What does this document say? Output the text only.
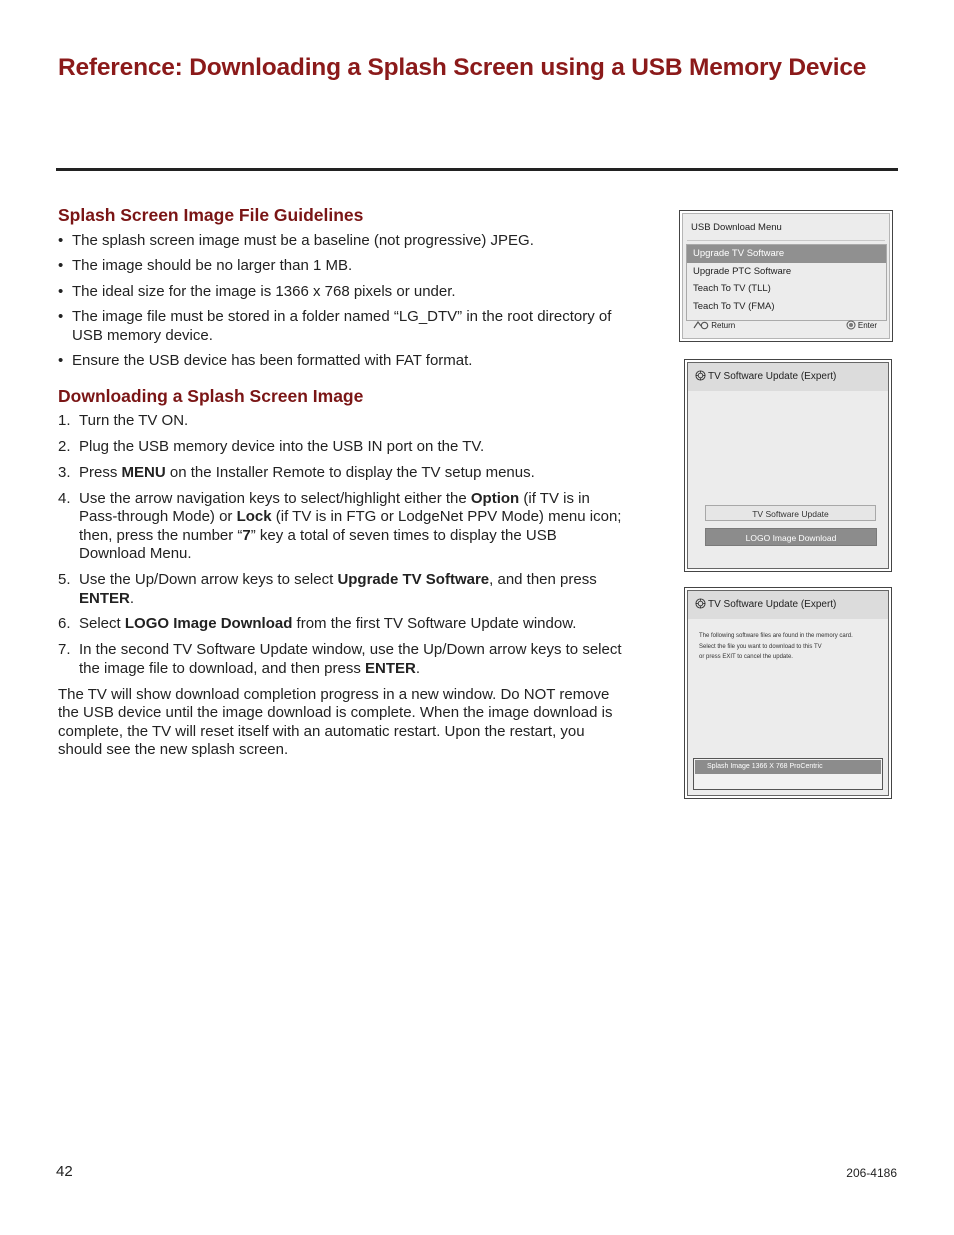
Reference: Downloading a Splash Screen using a USB Memory Device
Splash Screen Image File Guidelines
• The splash screen image must be a baseline (not progressive) JPEG.
• The image should be no larger than 1 MB.
• The ideal size for the image is 1366 x 768 pixels or under.
• The image file must be stored in a folder named “LG_DTV” in the root directory of USB memory device.
• Ensure the USB device has been formatted with FAT format.
Downloading a Splash Screen Image
1. Turn the TV ON.
2. Plug the USB memory device into the USB IN port on the TV.
3. Press MENU on the Installer Remote to display the TV setup menus.
4. Use the arrow navigation keys to select/highlight either the Option (if TV is in Pass-through Mode) or Lock (if TV is in FTG or LodgeNet PPV Mode) menu icon; then, press the number “7” key a total of seven times to display the USB Download Menu.
5. Use the Up/Down arrow keys to select Upgrade TV Software, and then press ENTER.
6. Select LOGO Image Download from the first TV Software Update window.
7. In the second TV Software Update window, use the Up/Down arrow keys to select the image file to download, and then press ENTER.

The TV will show download completion progress in a new window. Do NOT remove the USB device until the image download is complete. When the image download is complete, the TV will reset itself with an automatic restart. Upon the restart, you should see the new splash screen.

USB Download Menu
Upgrade TV Software
Upgrade PTC Software
Teach To TV (TLL)
Teach To TV (FMA)
Return	Enter
TV Software Update (Expert)
TV Software Update
LOGO Image Download
TV Software Update (Expert)
The following software files are found in the memory card.
Select the file you want to download to this TV
or press EXIT to cancel the update.
Splash Image 1366 X 768 ProCentric
42	206-4186
